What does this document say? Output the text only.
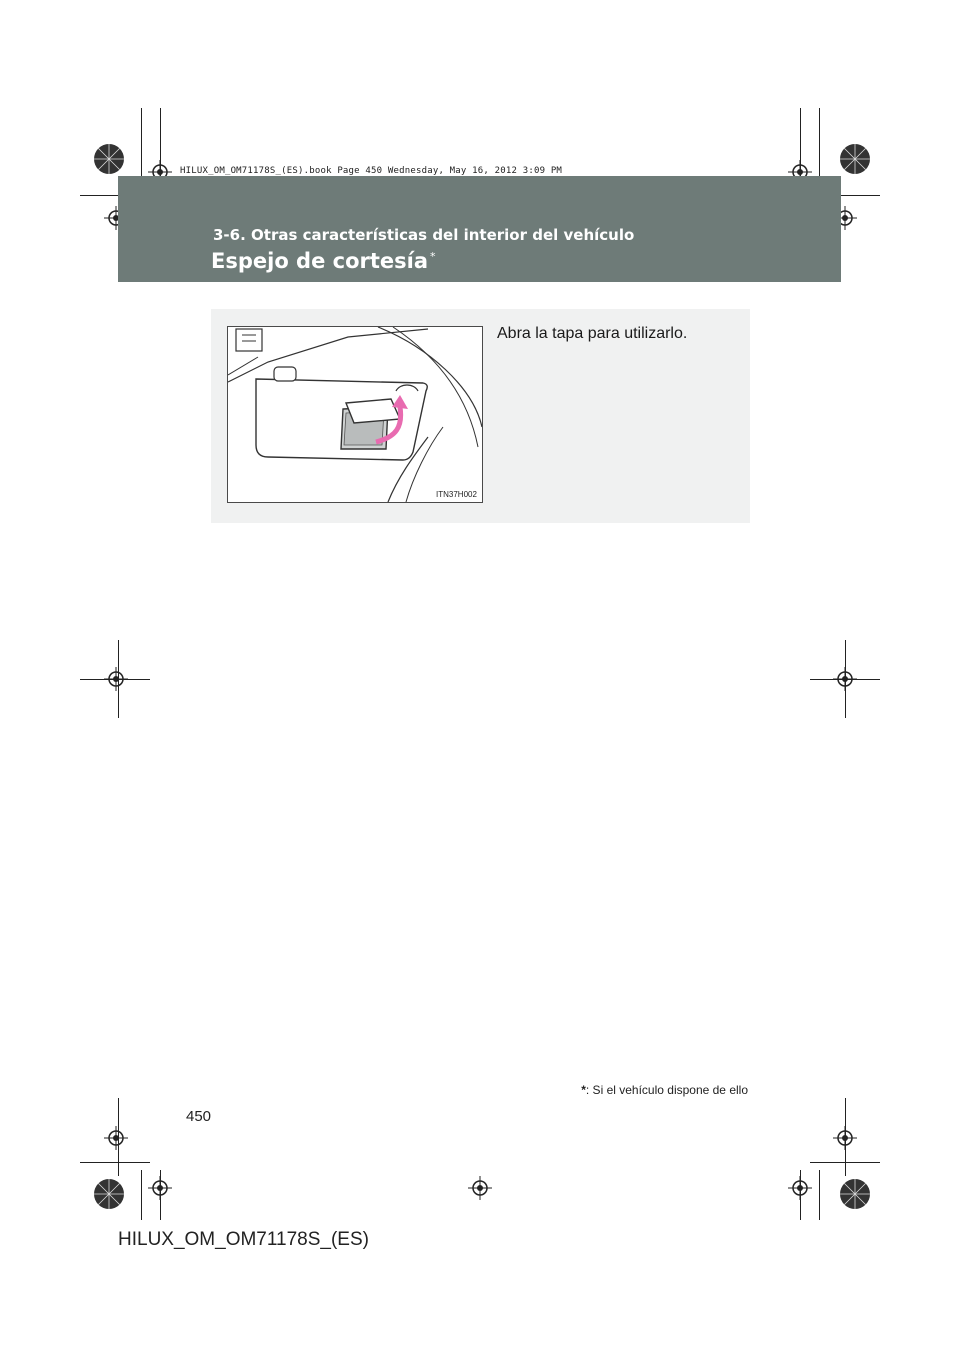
HILUX_OM_OM71178S_(ES).book Page 450 Wednesday, May 16, 2012 3:09 PM
3-6. Otras características del interior del vehículo
Espejo de cortesía *
ITN37H002
Abra la tapa para utilizarlo.
*: Si el vehículo dispone de ello
450
HILUX_OM_OM71178S_(ES)
